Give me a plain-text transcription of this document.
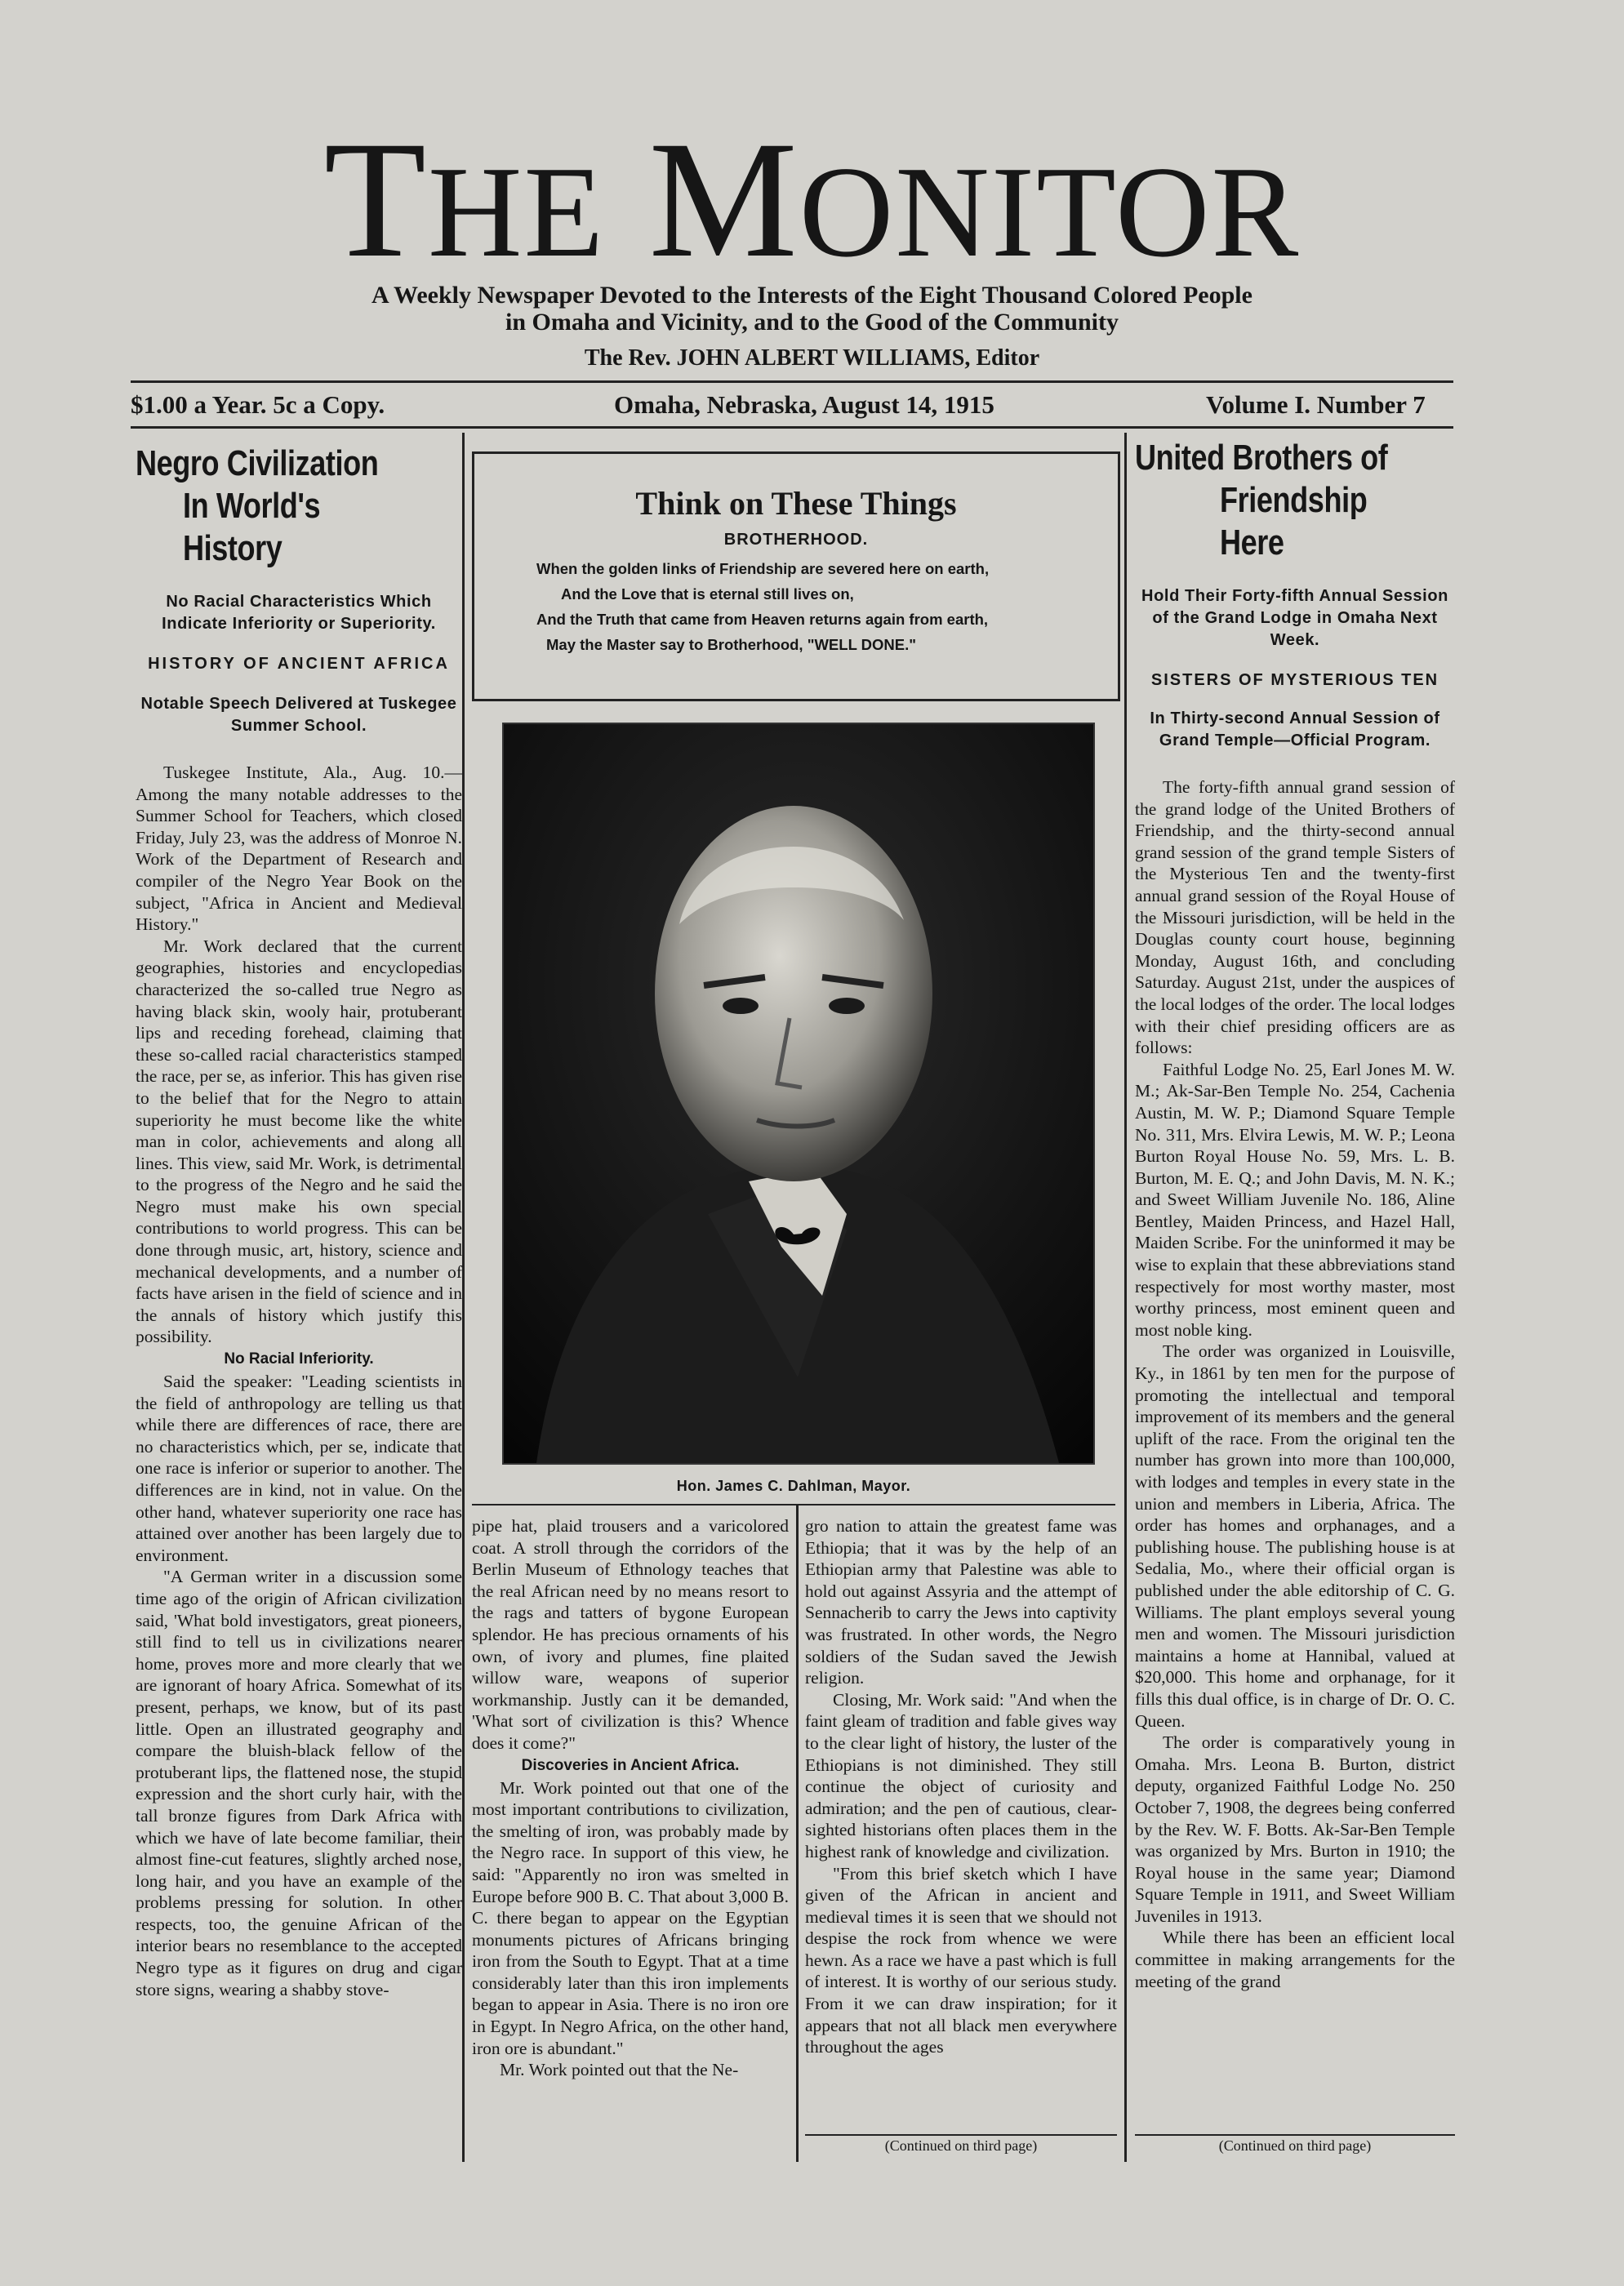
THE MONITOR
A Weekly Newspaper Devoted to the Interests of the Eight Thousand Colored People
in Omaha and Vicinity, and to the Good of the Community
The Rev. JOHN ALBERT WILLIAMS, Editor
$1.00 a Year. 5c a Copy.	Omaha, Nebraska, August 14, 1915	Volume I. Number 7
Negro Civilization
In World's History
No Racial Characteristics Which Indicate Inferiority or Superiority.
HISTORY OF ANCIENT AFRICA
Notable Speech Delivered at Tuskegee Summer School.

Tuskegee Institute, Ala., Aug. 10.—Among the many notable addresses to the Summer School for Teachers, which closed Friday, July 23, was the address of Monroe N. Work of the Department of Research and compiler of the Negro Year Book on the subject, "Africa in Ancient and Medieval History."

Mr. Work declared that the current geographies, histories and encyclopedias characterized the so-called true Negro as having black skin, wooly hair, protuberant lips and receding forehead, claiming that these so-called racial characteristics stamped the race, per se, as inferior. This has given rise to the belief that for the Negro to attain superiority he must become like the white man in color, achievements and along all lines. This view, said Mr. Work, is detrimental to the progress of the Negro and he said the Negro must make his own special contributions to world progress. This can be done through music, art, history, science and mechanical developments, and a number of facts have arisen in the field of science and in the annals of history which justify this possibility.

No Racial Inferiority.

Said the speaker: "Leading scientists in the field of anthropology are telling us that while there are differences of race, there are no characteristics which, per se, indicate that one race is inferior or superior to another. The differences are in kind, not in value. On the other hand, whatever superiority one race has attained over another has been largely due to environment.

"A German writer in a discussion some time ago of the origin of African civilization said, 'What bold investigators, great pioneers, still find to tell us in civilizations nearer home, proves more and more clearly that we are ignorant of hoary Africa. Somewhat of its present, perhaps, we know, but of its past little. Open an illustrated geography and compare the bluish-black fellow of the protuberant lips, the flattened nose, the stupid expression and the short curly hair, with the tall bronze figures from Dark Africa with which we have of late become familiar, their almost fine-cut features, slightly arched nose, long hair, and you have an example of the problems pressing for solution. In other respects, too, the genuine African of the interior bears no resemblance to the accepted Negro type as it figures on drug and cigar store signs, wearing a shabby stove-

Think on These Things
BROTHERHOOD.
When the golden links of Friendship are severed here on earth,
And the Love that is eternal still lives on,
And the Truth that came from Heaven returns again from earth,
May the Master say to Brotherhood, "WELL DONE."
Hon. James C. Dahlman, Mayor.

pipe hat, plaid trousers and a varicolored coat. A stroll through the corridors of the Berlin Museum of Ethnology teaches that the real African need by no means resort to the rags and tatters of bygone European splendor. He has precious ornaments of his own, of ivory and plumes, fine plaited willow ware, weapons of superior workmanship. Justly can it be demanded, 'What sort of civilization is this? Whence does it come?"

Discoveries in Ancient Africa.

Mr. Work pointed out that one of the most important contributions to civilization, the smelting of iron, was probably made by the Negro race. In support of this view, he said: "Apparently no iron was smelted in Europe before 900 B. C. That about 3,000 B. C. there began to appear on the Egyptian monuments pictures of Africans bringing iron from the South to Egypt. That at a time considerably later than this iron implements began to appear in Asia. There is no iron ore in Egypt. In Negro Africa, on the other hand, iron ore is abundant."

Mr. Work pointed out that the Ne-

gro nation to attain the greatest fame was Ethiopia; that it was by the help of an Ethiopian army that Palestine was able to hold out against Assyria and the attempt of Sennacherib to carry the Jews into captivity was frustrated. In other words, the Negro soldiers of the Sudan saved the Jewish religion.

Closing, Mr. Work said: "And when the faint gleam of tradition and fable gives way to the clear light of history, the luster of the Ethiopians is not diminished. They still continue the object of curiosity and admiration; and the pen of cautious, clear-sighted historians often places them in the highest rank of knowledge and civilization.

"From this brief sketch which I have given of the African in ancient and medieval times it is seen that we should not despise the rock from whence we were hewn. As a race we have a past which is full of interest. It is worthy of our serious study. From it we can draw inspiration; for it appears that not all black men everywhere throughout the ages

(Continued on third page)
United Brothers of
Friendship Here
Hold Their Forty-fifth Annual Session of the Grand Lodge in Omaha Next Week.
SISTERS OF MYSTERIOUS TEN
In Thirty-second Annual Session of Grand Temple—Official Program.

The forty-fifth annual grand session of the grand lodge of the United Brothers of Friendship, and the thirty-second annual grand session of the grand temple Sisters of the Mysterious Ten and the twenty-first annual grand session of the Royal House of the Missouri jurisdiction, will be held in the Douglas county court house, beginning Monday, August 16th, and concluding Saturday. August 21st, under the auspices of the local lodges of the order. The local lodges with their chief presiding officers are as follows:

Faithful Lodge No. 25, Earl Jones M. W. M.; Ak-Sar-Ben Temple No. 254, Cachenia Austin, M. W. P.; Diamond Square Temple No. 311, Mrs. Elvira Lewis, M. W. P.; Leona Burton Royal House No. 59, Mrs. L. B. Burton, M. E. Q.; and John Davis, M. N. K.; and Sweet William Juvenile No. 186, Aline Bentley, Maiden Princess, and Hazel Hall, Maiden Scribe. For the uninformed it may be wise to explain that these abbreviations stand respectively for most worthy master, most worthy princess, most eminent queen and most noble king.

The order was organized in Louisville, Ky., in 1861 by ten men for the purpose of promoting the intellectual and temporal improvement of its members and the general uplift of the race. From the original ten the number has grown into more than 100,000, with lodges and temples in every state in the union and members in Liberia, Africa. The order has homes and orphanages, and a publishing house. The publishing house is at Sedalia, Mo., where their official organ is published under the able editorship of C. G. Williams. The plant employs several young men and women. The Missouri jurisdiction maintains a home at Hannibal, valued at $20,000. This home and orphanage, for it fills this dual office, is in charge of Dr. O. C. Queen.

The order is comparatively young in Omaha. Mrs. Leona B. Burton, district deputy, organized Faithful Lodge No. 250 October 7, 1908, the degrees being conferred by the Rev. W. F. Botts. Ak-Sar-Ben Temple was organized by Mrs. Burton in 1910; the Royal house in the same year; Diamond Square Temple in 1911, and Sweet William Juveniles in 1913.

While there has been an efficient local committee in making arrangements for the meeting of the grand

(Continued on third page)
